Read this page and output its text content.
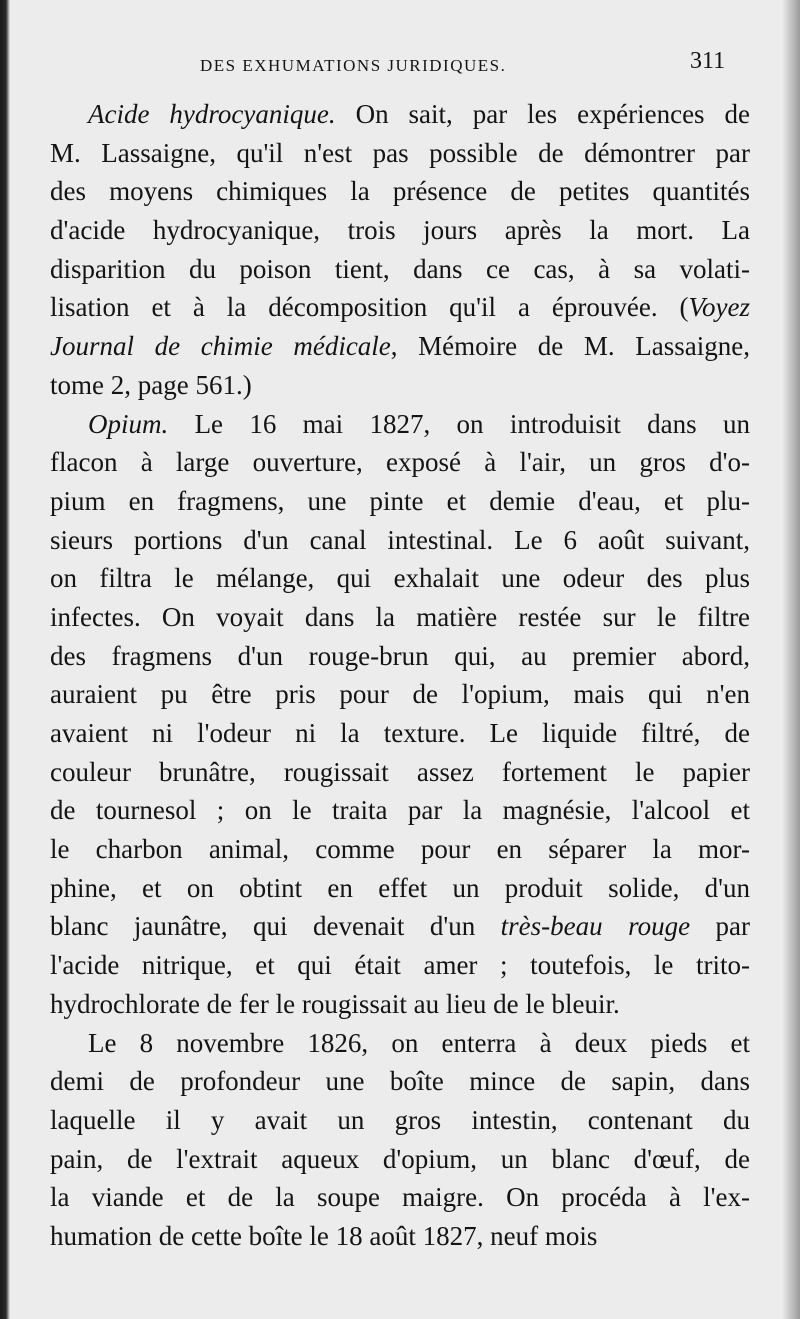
DES EXHUMATIONS JURIDIQUES.	311
Acide hydrocyanique. On sait, par les expériences de
M. Lassaigne, qu'il n'est pas possible de démontrer par
des moyens chimiques la présence de petites quantités
d'acide hydrocyanique, trois jours après la mort. La
disparition du poison tient, dans ce cas, à sa volati-
lisation et à la décomposition qu'il a éprouvée. (Voyez
Journal de chimie médicale, Mémoire de M. Lassaigne,
tome 2, page 561.)
Opium. Le 16 mai 1827, on introduisit dans un
flacon à large ouverture, exposé à l'air, un gros d'o-
pium en fragmens, une pinte et demie d'eau, et plu-
sieurs portions d'un canal intestinal. Le 6 août suivant,
on filtra le mélange, qui exhalait une odeur des plus
infectes. On voyait dans la matière restée sur le filtre
des fragmens d'un rouge-brun qui, au premier abord,
auraient pu être pris pour de l'opium, mais qui n'en
avaient ni l'odeur ni la texture. Le liquide filtré, de
couleur brunâtre, rougissait assez fortement le papier
de tournesol ; on le traita par la magnésie, l'alcool et
le charbon animal, comme pour en séparer la mor-
phine, et on obtint en effet un produit solide, d'un
blanc jaunâtre, qui devenait d'un très-beau rouge par
l'acide nitrique, et qui était amer ; toutefois, le trito-
hydrochlorate de fer le rougissait au lieu de le bleuir.
Le 8 novembre 1826, on enterra à deux pieds et
demi de profondeur une boîte mince de sapin, dans
laquelle il y avait un gros intestin, contenant du
pain, de l'extrait aqueux d'opium, un blanc d'œuf, de
la viande et de la soupe maigre. On procéda à l'ex-
humation de cette boîte le 18 août 1827, neuf mois
